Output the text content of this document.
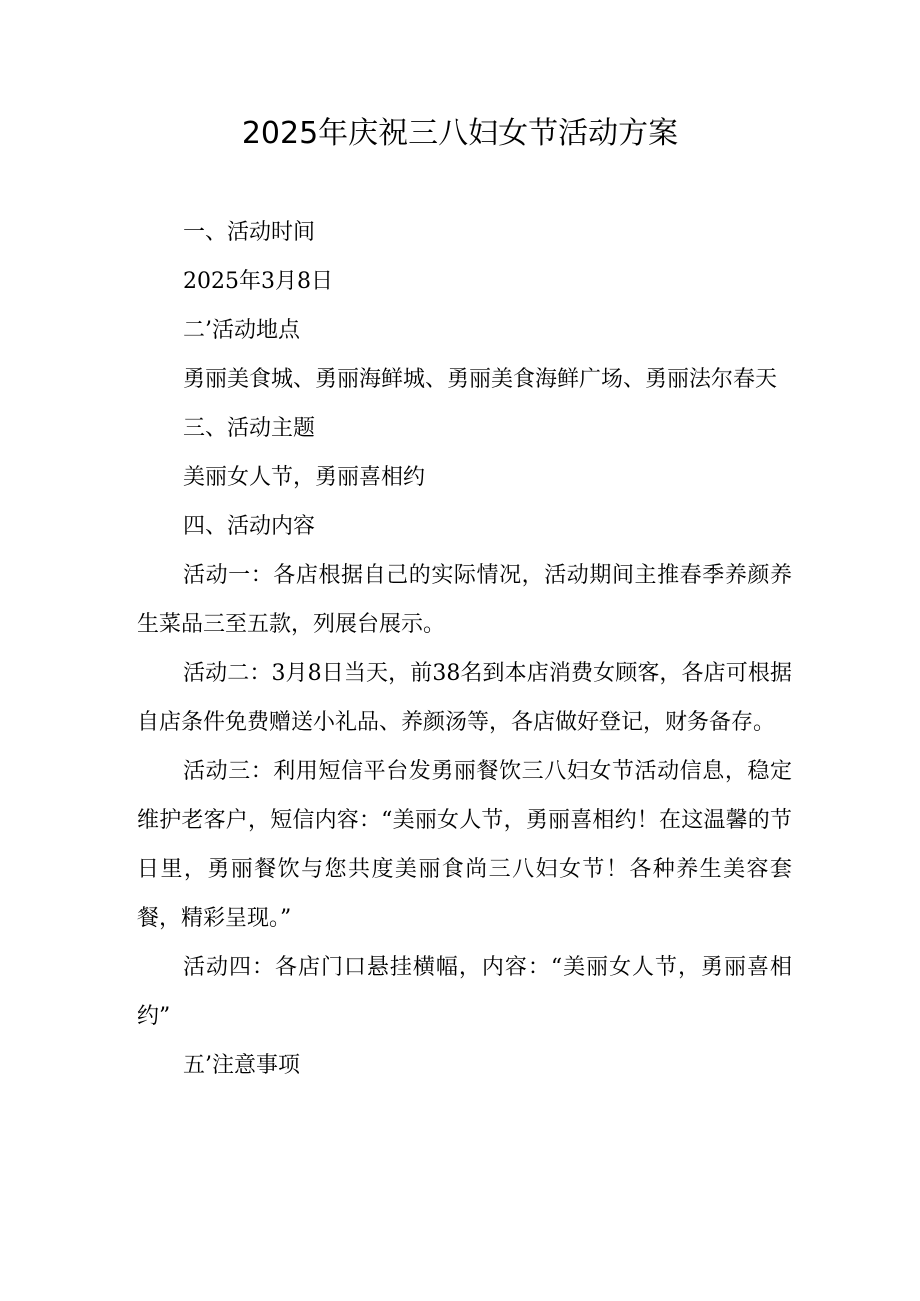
2025年庆祝三八妇女节活动方案

一、活动时间

2025年3月8日

二’活动地点

勇丽美食城、勇丽海鲜城、勇丽美食海鲜广场、勇丽法尔春天

三、活动主题

美丽女人节，勇丽喜相约

四、活动内容

活动一：各店根据自己的实际情况，活动期间主推春季养颜养生菜品三至五款，列展台展示。

活动二：3月8日当天，前38名到本店消费女顾客，各店可根据自店条件免费赠送小礼品、养颜汤等，各店做好登记，财务备存。

活动三：利用短信平台发勇丽餐饮三八妇女节活动信息，稳定维护老客户，短信内容：“美丽女人节，勇丽喜相约！在这温馨的节日里，勇丽餐饮与您共度美丽食尚三八妇女节！各种养生美容套餐，精彩呈现。”

活动四：各店门口悬挂横幅，内容：“美丽女人节，勇丽喜相约”

五’注意事项
